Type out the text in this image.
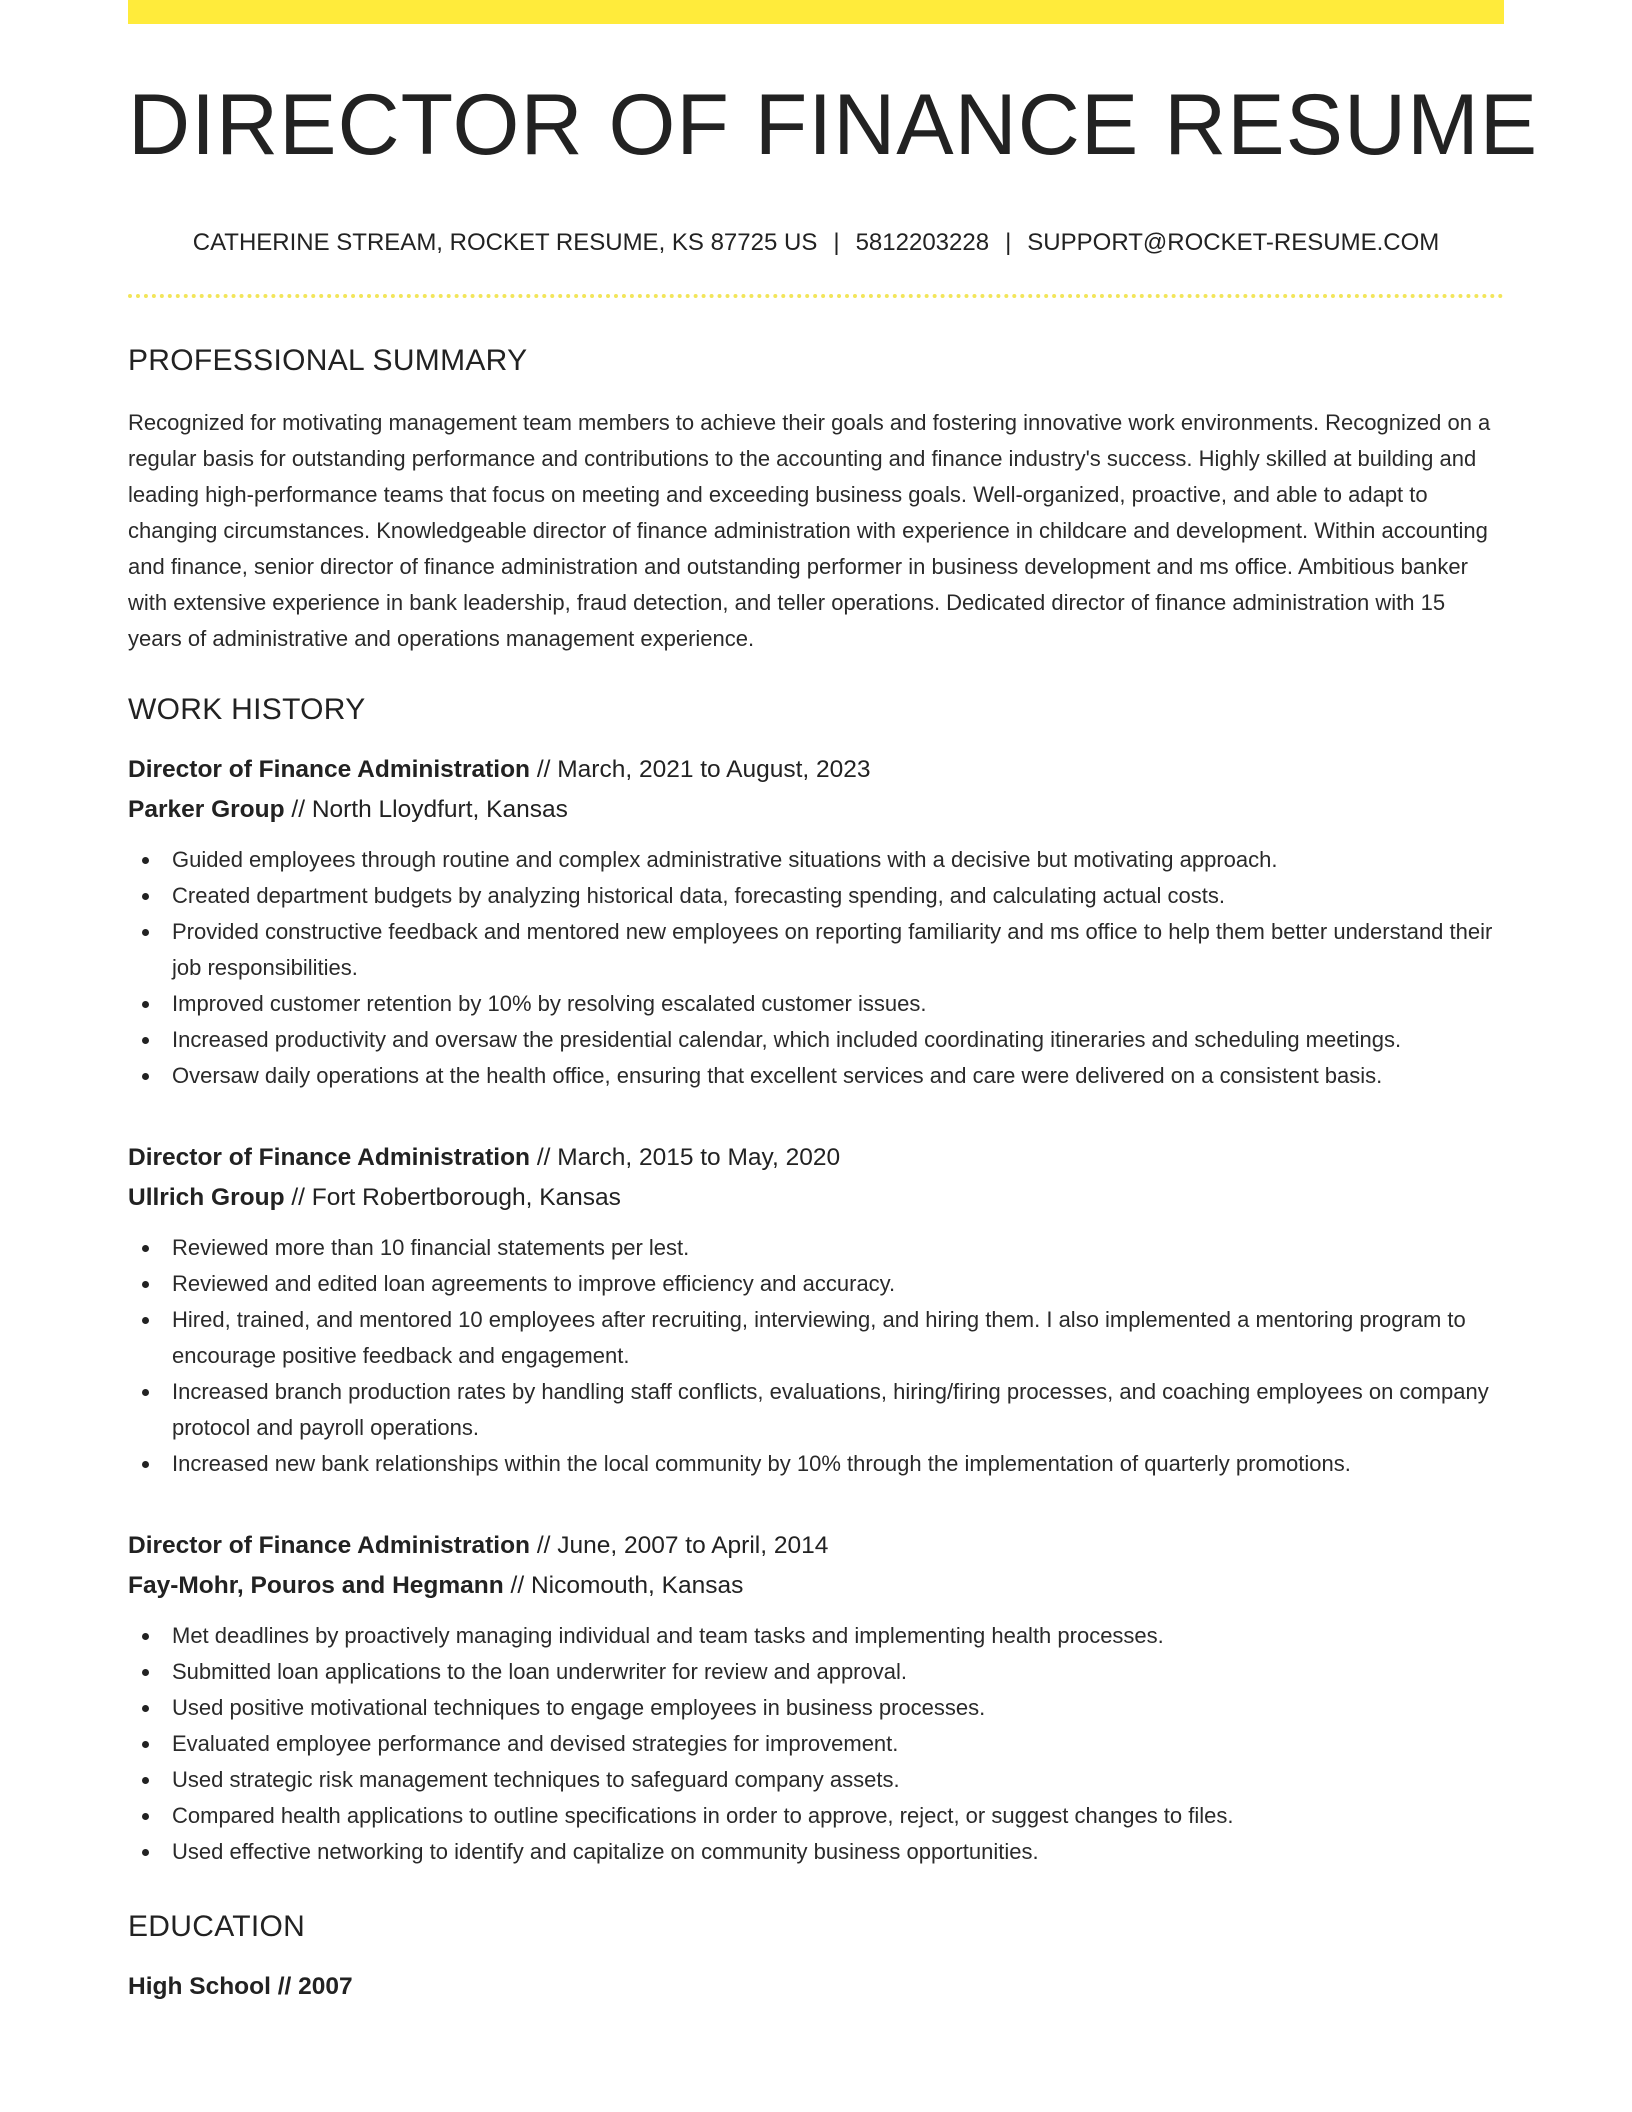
DIRECTOR OF FINANCE RESUME
CATHERINE STREAM, ROCKET RESUME, KS 87725 US | 5812203228 | SUPPORT@ROCKET-RESUME.COM
PROFESSIONAL SUMMARY
Recognized for motivating management team members to achieve their goals and fostering innovative work environments. Recognized on a regular basis for outstanding performance and contributions to the accounting and finance industry's success. Highly skilled at building and leading high-performance teams that focus on meeting and exceeding business goals. Well-organized, proactive, and able to adapt to changing circumstances. Knowledgeable director of finance administration with experience in childcare and development. Within accounting and finance, senior director of finance administration and outstanding performer in business development and ms office. Ambitious banker with extensive experience in bank leadership, fraud detection, and teller operations. Dedicated director of finance administration with 15 years of administrative and operations management experience.
WORK HISTORY
Director of Finance Administration // March, 2021 to August, 2023
Parker Group // North Lloydfurt, Kansas
Guided employees through routine and complex administrative situations with a decisive but motivating approach.
Created department budgets by analyzing historical data, forecasting spending, and calculating actual costs.
Provided constructive feedback and mentored new employees on reporting familiarity and ms office to help them better understand their job responsibilities.
Improved customer retention by 10% by resolving escalated customer issues.
Increased productivity and oversaw the presidential calendar, which included coordinating itineraries and scheduling meetings.
Oversaw daily operations at the health office, ensuring that excellent services and care were delivered on a consistent basis.
Director of Finance Administration // March, 2015 to May, 2020
Ullrich Group // Fort Robertborough, Kansas
Reviewed more than 10 financial statements per lest.
Reviewed and edited loan agreements to improve efficiency and accuracy.
Hired, trained, and mentored 10 employees after recruiting, interviewing, and hiring them. I also implemented a mentoring program to encourage positive feedback and engagement.
Increased branch production rates by handling staff conflicts, evaluations, hiring/firing processes, and coaching employees on company protocol and payroll operations.
Increased new bank relationships within the local community by 10% through the implementation of quarterly promotions.
Director of Finance Administration // June, 2007 to April, 2014
Fay-Mohr, Pouros and Hegmann // Nicomouth, Kansas
Met deadlines by proactively managing individual and team tasks and implementing health processes.
Submitted loan applications to the loan underwriter for review and approval.
Used positive motivational techniques to engage employees in business processes.
Evaluated employee performance and devised strategies for improvement.
Used strategic risk management techniques to safeguard company assets.
Compared health applications to outline specifications in order to approve, reject, or suggest changes to files.
Used effective networking to identify and capitalize on community business opportunities.
EDUCATION
High School // 2007
